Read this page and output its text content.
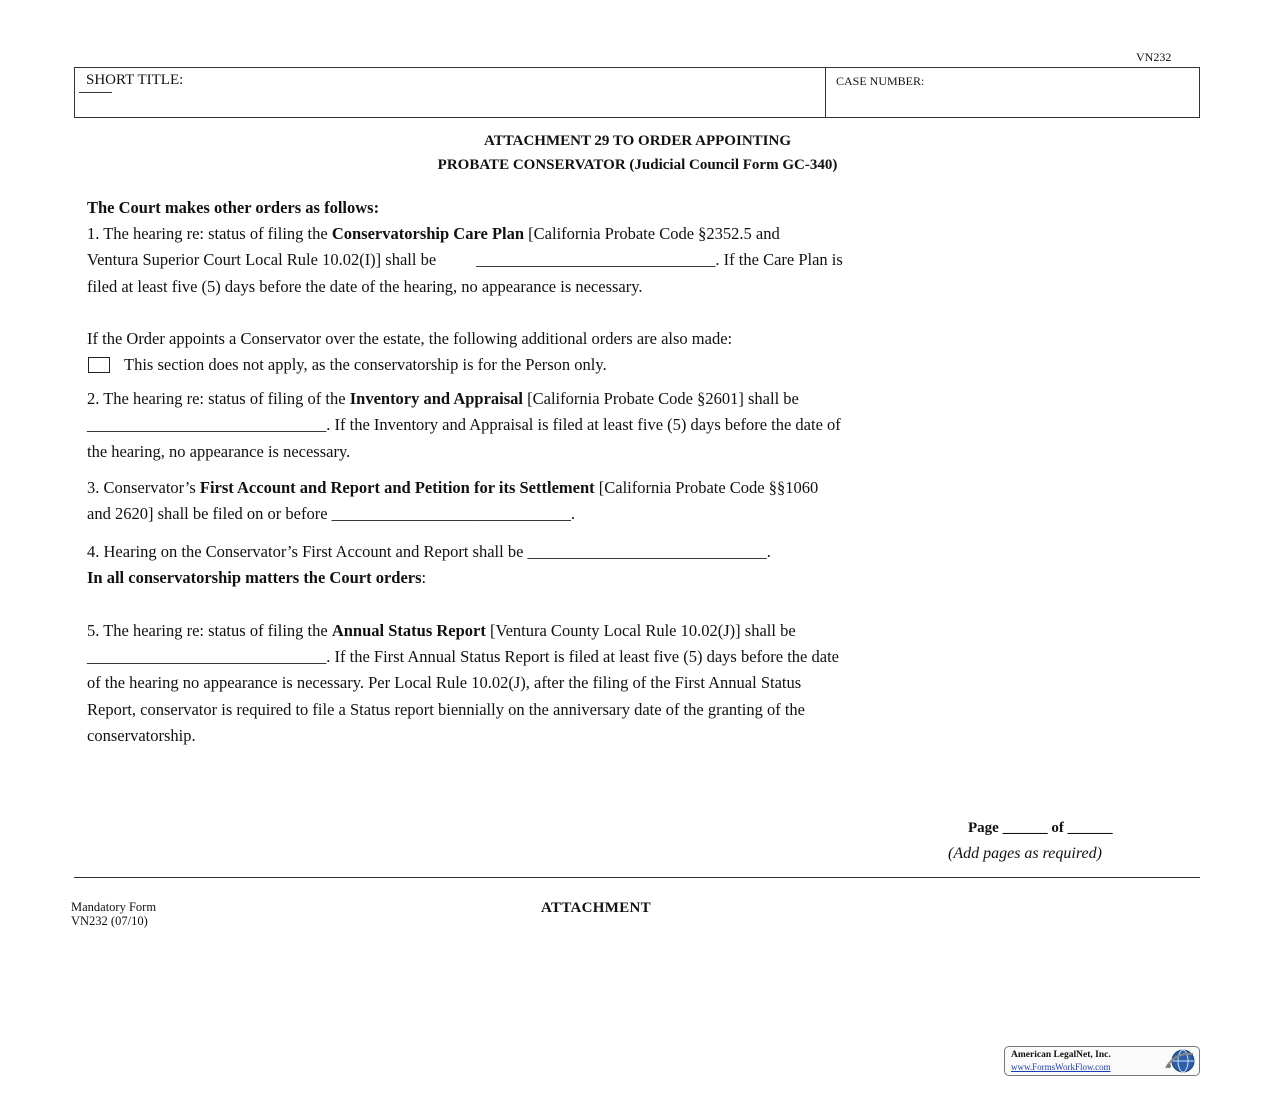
VN232
SHORT TITLE:	CASE NUMBER:
ATTACHMENT 29 TO ORDER APPOINTING
PROBATE CONSERVATOR (Judicial Council Form GC-340)
The Court makes other orders as follows:
1. The hearing re: status of filing the Conservatorship Care Plan [California Probate Code §2352.5 and
Ventura Superior Court Local Rule 10.02(I)] shall be _____________________________. If the Care Plan is
filed at least five (5) days before the date of the hearing, no appearance is necessary.
If the Order appoints a Conservator over the estate, the following additional orders are also made:
This section does not apply, as the conservatorship is for the Person only.
2. The hearing re: status of filing of the Inventory and Appraisal [California Probate Code §2601] shall be
_____________________________. If the Inventory and Appraisal is filed at least five (5) days before the date of
the hearing, no appearance is necessary.
3. Conservator’s First Account and Report and Petition for its Settlement [California Probate Code §§1060
and 2620] shall be filed on or before _____________________________.
4. Hearing on the Conservator’s First Account and Report shall be _____________________________.
In all conservatorship matters the Court orders:
5. The hearing re: status of filing the Annual Status Report [Ventura County Local Rule 10.02(J)] shall be
_____________________________. If the First Annual Status Report is filed at least five (5) days before the date
of the hearing no appearance is necessary. Per Local Rule 10.02(J), after the filing of the First Annual Status
Report, conservator is required to file a Status report biennially on the anniversary date of the granting of the
conservatorship.
Page ______ of ______
(Add pages as required)
Mandatory Form
VN232 (07/10)
ATTACHMENT
American LegalNet, Inc.
www.FormsWorkFlow.com
